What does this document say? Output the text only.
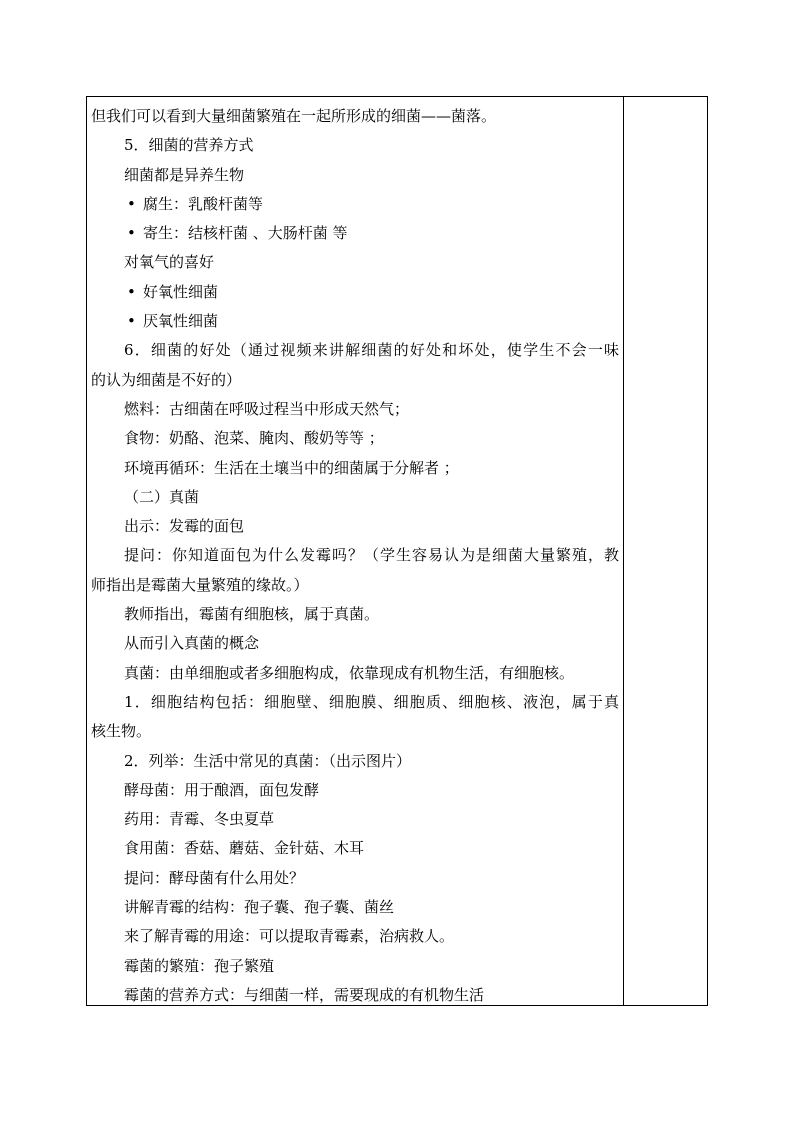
但我们可以看到大量细菌繁殖在一起所形成的细菌——菌落。
5．细菌的营养方式
细菌都是异养生物
• 腐生：乳酸杆菌等
• 寄生：结核杆菌 、大肠杆菌 等
对氧气的喜好
• 好氧性细菌
• 厌氧性细菌
6．细菌的好处（通过视频来讲解细菌的好处和坏处，使学生不会一味
的认为细菌是不好的）
燃料：古细菌在呼吸过程当中形成天然气；
食物：奶酪、泡菜、腌肉、酸奶等等 ；
环境再循环：生活在土壤当中的细菌属于分解者 ；
（二）真菌
出示：发霉的面包
提问：你知道面包为什么发霉吗？（学生容易认为是细菌大量繁殖，教
师指出是霉菌大量繁殖的缘故。）
教师指出，霉菌有细胞核，属于真菌。
从而引入真菌的概念
真菌：由单细胞或者多细胞构成，依靠现成有机物生活，有细胞核。
1．细胞结构包括：细胞壁、细胞膜、细胞质、细胞核、液泡，属于真
核生物。
2．列举：生活中常见的真菌：（出示图片）
酵母菌：用于酿酒，面包发酵
药用：青霉、冬虫夏草
食用菌：香菇、蘑菇、金针菇、木耳
提问：酵母菌有什么用处？
讲解青霉的结构：孢子囊、孢子囊、菌丝
来了解青霉的用途：可以提取青霉素，治病救人。
霉菌的繁殖：孢子繁殖
霉菌的营养方式：与细菌一样，需要现成的有机物生活
